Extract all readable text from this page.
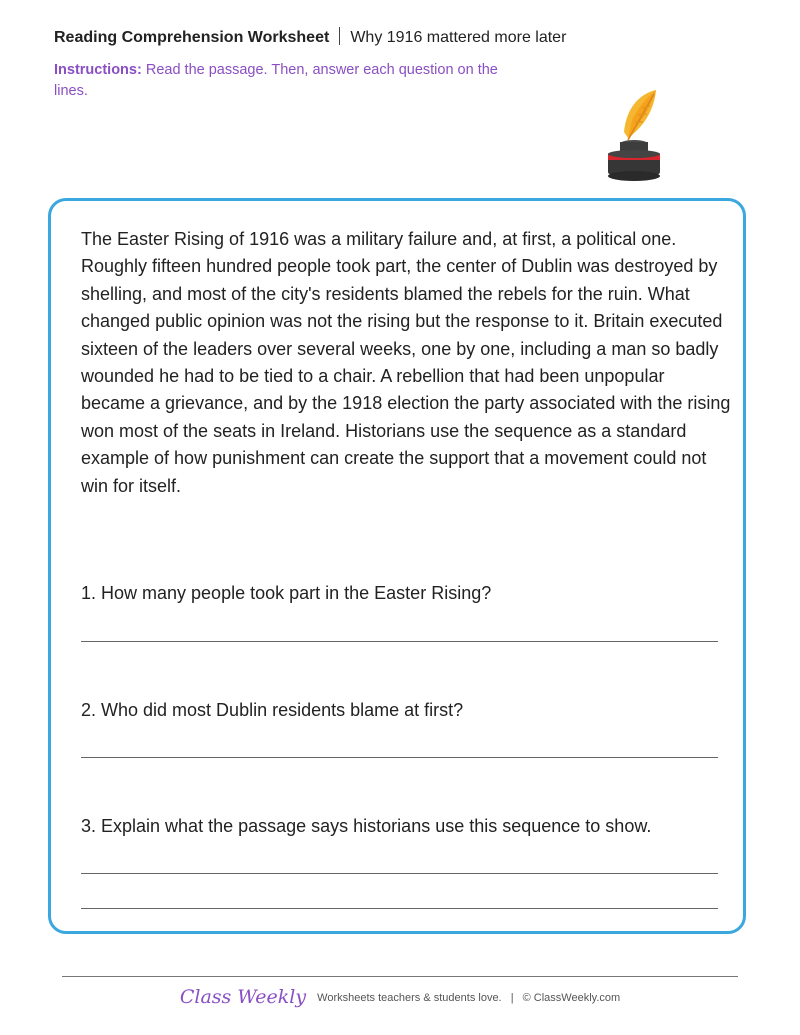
Reading Comprehension Worksheet Why 1916 mattered more later
Instructions: Read the passage. Then, answer each question on the lines.
The Easter Rising of 1916 was a military failure and, at first, a political one. Roughly fifteen hundred people took part, the center of Dublin was destroyed by shelling, and most of the city's residents blamed the rebels for the ruin. What changed public opinion was not the rising but the response to it. Britain executed sixteen of the leaders over several weeks, one by one, including a man so badly wounded he had to be tied to a chair. A rebellion that had been unpopular became a grievance, and by the 1918 election the party associated with the rising won most of the seats in Ireland. Historians use the sequence as a standard example of how punishment can create the support that a movement could not win for itself.
1. How many people took part in the Easter Rising?
2. Who did most Dublin residents blame at first?
3. Explain what the passage says historians use this sequence to show.
Class Weekly Worksheets teachers & students love. | © ClassWeekly.com
